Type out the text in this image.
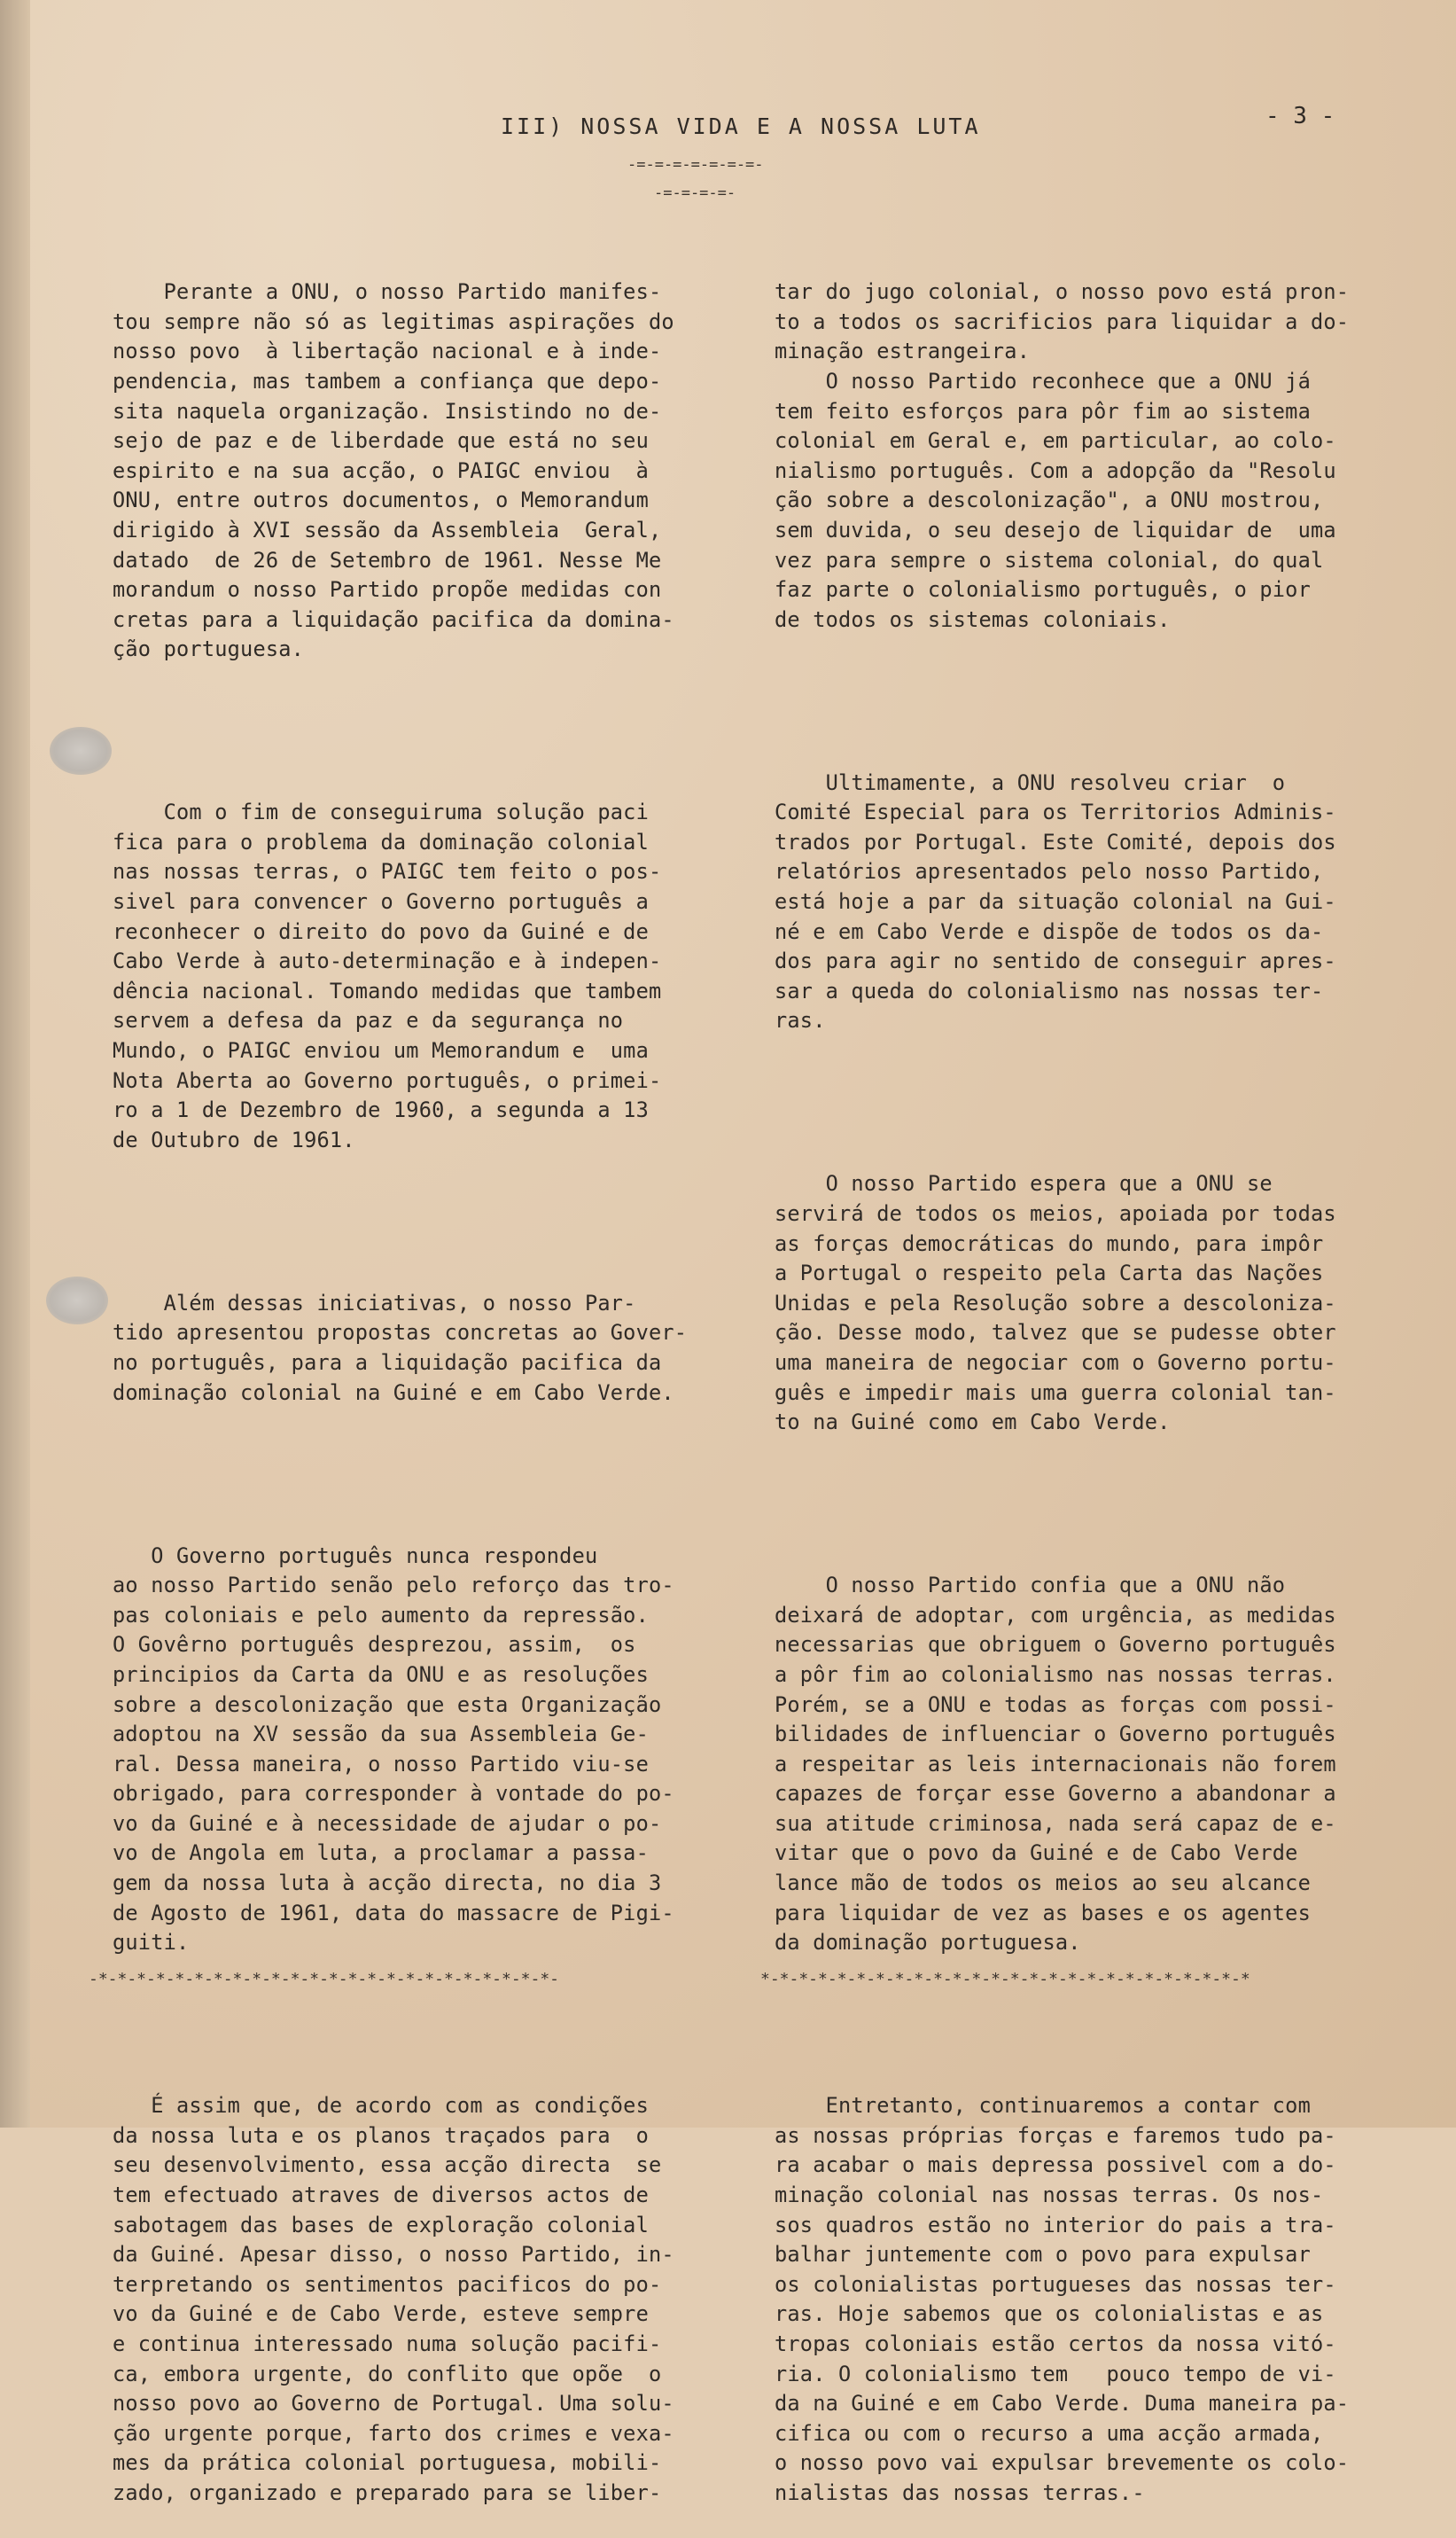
III) NOSSA VIDA E A NOSSA LUTA	- 3 -
-=-=-=-=-=-=-=-
-=-=-=-=-

Perante a ONU, o nosso Partido manifes-
tou sempre não só as legitimas aspirações do
nosso povo  à libertação nacional e à inde-
pendencia, mas tambem a confiança que depo-
sita naquela organização. Insistindo no de-
sejo de paz e de liberdade que está no seu
espirito e na sua acção, o PAIGC enviou  à
ONU, entre outros documentos, o Memorandum
dirigido à XVI sessão da Assembleia  Geral,
datado  de 26 de Setembro de 1961. Nesse Me
morandum o nosso Partido propõe medidas con
cretas para a liquidação pacifica da domina-
ção portuguesa.

Com o fim de conseguiruma solução paci
fica para o problema da dominação colonial
nas nossas terras, o PAIGC tem feito o pos-
sivel para convencer o Governo português a
reconhecer o direito do povo da Guiné e de
Cabo Verde à auto-determinação e à indepen-
dência nacional. Tomando medidas que tambem
servem a defesa da paz e da segurança no
Mundo, o PAIGC enviou um Memorandum e  uma
Nota Aberta ao Governo português, o primei-
ro a 1 de Dezembro de 1960, a segunda a 13
de Outubro de 1961.

Além dessas iniciativas, o nosso Par-
tido apresentou propostas concretas ao Gover-
no português, para a liquidação pacifica da
dominação colonial na Guiné e em Cabo Verde.

O Governo português nunca respondeu
ao nosso Partido senão pelo reforço das tro-
pas coloniais e pelo aumento da repressão.
O Govêrno português desprezou, assim,  os
principios da Carta da ONU e as resoluções
sobre a descolonização que esta Organização
adoptou na XV sessão da sua Assembleia Ge-
ral. Dessa maneira, o nosso Partido viu-se
obrigado, para corresponder à vontade do po-
vo da Guiné e à necessidade de ajudar o po-
vo de Angola em luta, a proclamar a passa-
gem da nossa luta à acção directa, no dia 3
de Agosto de 1961, data do massacre de Pigi-
guiti.

É assim que, de acordo com as condições
da nossa luta e os planos traçados para  o
seu desenvolvimento, essa acção directa  se
tem efectuado atraves de diversos actos de
sabotagem das bases de exploração colonial
da Guiné. Apesar disso, o nosso Partido, in-
terpretando os sentimentos pacificos do po-
vo da Guiné e de Cabo Verde, esteve sempre
e continua interessado numa solução pacifi-
ca, embora urgente, do conflito que opõe  o
nosso povo ao Governo de Portugal. Uma solu-
ção urgente porque, farto dos crimes e vexa-
mes da prática colonial portuguesa, mobili-
zado, organizado e preparado para se liber-

tar do jugo colonial, o nosso povo está pron-
to a todos os sacrificios para liquidar a do-
minação estrangeira.
O nosso Partido reconhece que a ONU já
tem feito esforços para pôr fim ao sistema
colonial em Geral e, em particular, ao colo-
nialismo português. Com a adopção da "Resolu
ção sobre a descolonização", a ONU mostrou,
sem duvida, o seu desejo de liquidar de  uma
vez para sempre o sistema colonial, do qual
faz parte o colonialismo português, o pior
de todos os sistemas coloniais.

Ultimamente, a ONU resolveu criar  o
Comité Especial para os Territorios Adminis-
trados por Portugal. Este Comité, depois dos
relatórios apresentados pelo nosso Partido,
está hoje a par da situação colonial na Gui-
né e em Cabo Verde e dispõe de todos os da-
dos para agir no sentido de conseguir apres-
sar a queda do colonialismo nas nossas ter-
ras.

O nosso Partido espera que a ONU se
servirá de todos os meios, apoiada por todas
as forças democráticas do mundo, para impôr
a Portugal o respeito pela Carta das Nações
Unidas e pela Resolução sobre a descoloniza-
ção. Desse modo, talvez que se pudesse obter
uma maneira de negociar com o Governo portu-
guês e impedir mais uma guerra colonial tan-
to na Guiné como em Cabo Verde.

O nosso Partido confia que a ONU não
deixará de adoptar, com urgência, as medidas
necessarias que obriguem o Governo português
a pôr fim ao colonialismo nas nossas terras.
Porém, se a ONU e todas as forças com possi-
bilidades de influenciar o Governo português
a respeitar as leis internacionais não forem
capazes de forçar esse Governo a abandonar a
sua atitude criminosa, nada será capaz de e-
vitar que o povo da Guiné e de Cabo Verde
lance mão de todos os meios ao seu alcance
para liquidar de vez as bases e os agentes
da dominação portuguesa.

Entretanto, continuaremos a contar com
as nossas próprias forças e faremos tudo pa-
ra acabar o mais depressa possivel com a do-
minação colonial nas nossas terras. Os nos-
sos quadros estão no interior do pais a tra-
balhar juntemente com o povo para expulsar
os colonialistas portugueses das nossas ter-
ras. Hoje sabemos que os colonialistas e as
tropas coloniais estão certos da nossa vitó-
ria. O colonialismo tem   pouco tempo de vi-
da na Guiné e em Cabo Verde. Duma maneira pa-
cifica ou com o recurso a uma acção armada,
o nosso povo vai expulsar brevemente os colo-
nialistas das nossas terras.-

-*-*-*-*-*-*-*-*-*-*-*-*-*-*-*-*-*-*-*-*-*-*-*-*-	*-*-*-*-*-*-*-*-*-*-*-*-*-*-*-*-*-*-*-*-*-*-*-*-*-*
